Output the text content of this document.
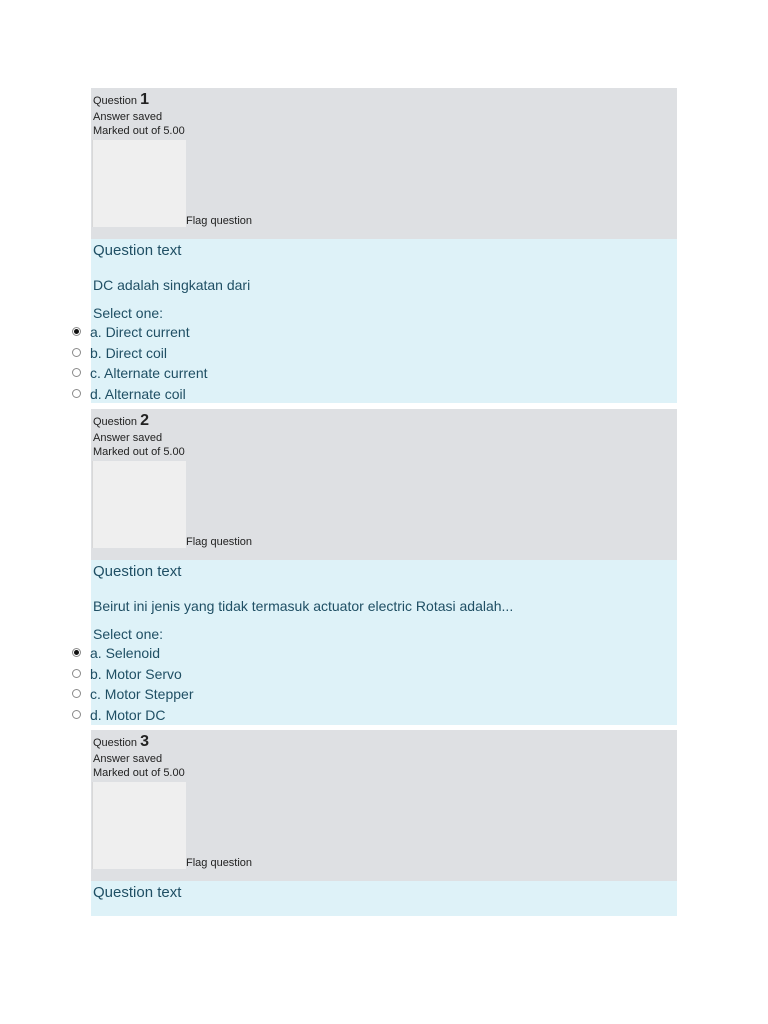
Question 1
Answer saved
Marked out of 5.00
Flag question
Question text
DC adalah singkatan dari
Select one:
a. Direct current
b. Direct coil
c. Alternate current
d. Alternate coil
Question 2
Answer saved
Marked out of 5.00
Flag question
Question text
Beirut ini jenis yang tidak termasuk actuator electric Rotasi adalah...
Select one:
a. Selenoid
b. Motor Servo
c. Motor Stepper
d. Motor DC
Question 3
Answer saved
Marked out of 5.00
Flag question
Question text
